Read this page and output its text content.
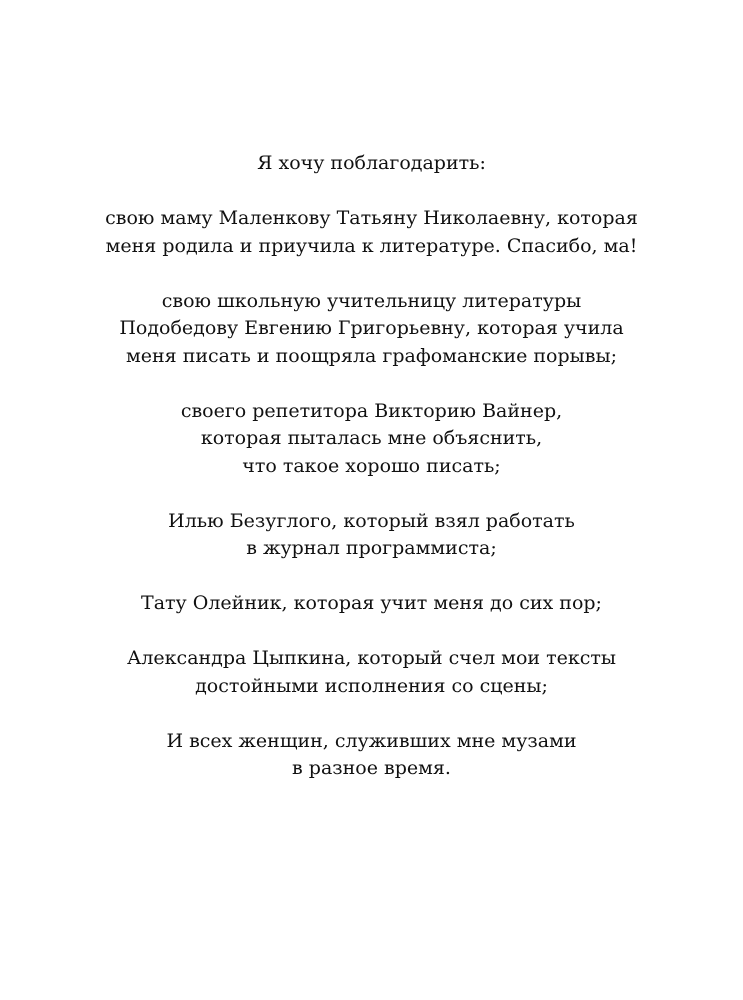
Я хочу поблагодарить:

свою маму Маленкову Татьяну Николаевну, которая
меня родила и приучила к литературе. Спасибо, ма!

свою школьную учительницу литературы
Подобедову Евгению Григорьевну, которая учила
меня писать и поощряла графоманские порывы;

своего репетитора Викторию Вайнер,
которая пыталась мне объяснить,
что такое хорошо писать;

Илью Безуглого, который взял работать
в журнал программиста;

Тату Олейник, которая учит меня до сих пор;

Александра Цыпкина, который счел мои тексты
достойными исполнения со сцены;

И всех женщин, служивших мне музами
в разное время.
